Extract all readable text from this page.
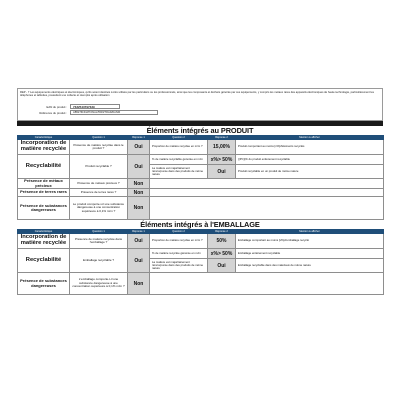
REP - 7 Les équipements électriques et électroniques, qu'ils soient destinés à être utilisés par les particuliers ou les professionnels, ainsi que les composants et déchets générés par ces équipements, y compris les métaux rares des appareils électroniques de haute technologie, particulièrement les téléphones et tablettes, possèdent une collecte et réemploi après utilisation
EAN du produit :	7332543797339
Référence du produit :	AB5276F/NATIONAL/5503/TRAD/DASIR
Éléments intégrés au PRODUIT
Caractéristique	Question 1	Réponse 1	Question 2	Réponse 2	Mention à afficher
Incorporation de matière recyclée	Présence de matière recyclée dans le produit ?	Oui	Proportion de matière recyclée en m/m ?	15,00%	Produit comportant au moins [x%]d'éléments recyclés
Recyclabilité	Produit recyclable ?	Oui	% de matière recyclable générée en m/m	x%> 50%	[(PC)]% du produit entièrement recyclable
			La matière est majoritairement réincorporée dans des produits de même nature	Oui	Produit recyclable en un produit de même nature
Présence de métaux précieux	Présence de métaux précieux ?	Non			
Présence de terres rares	Présence de terres rares ?	Non			
Présence de substances dangereuses	Le produit comporte-t-il une substance dangereuse à une concentration supérieure à 0,1% m/m ?	Non			
Éléments intégrés à l'EMBALLAGE
Caractéristique	Question 1	Réponse 1	Question 2	Réponse 2	Mention à afficher
Incorporation de matière recyclée	Présence de matière recyclée dans l'emballage ?	Oui	Proportion de matière recyclée en m/m ?	50%	Emballage comportant au moins [x%]d'emballage recyclé
Recyclabilité	Emballage recyclable ?	Oui	% de matière recyclée générée en m/m	x%> 50%	Emballage entièrement recyclable
			La matière est majoritairement réincorporée dans des produits de même nature	Oui	Emballage recyclable dans des matériaux de même nature
Présence de substances dangereuses	L'emballage comporte-t-il une substance dangereuse à une concentration supérieure à 0,1% m/m ?	Non			
